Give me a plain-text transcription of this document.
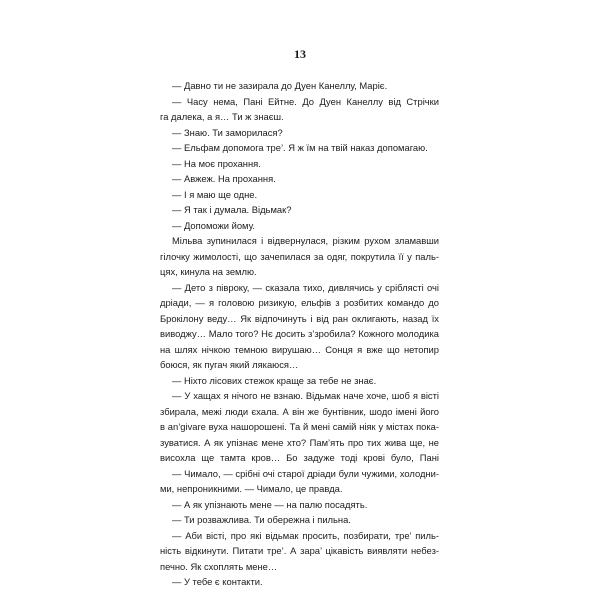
13
— Давно ти не зазирала до Дуен Канеллу, Маріє.
— Часу нема, Пані Ейтне. До Дуен Канеллу від Стрічки
га далека, а я… Ти ж знаєш.
— Знаю. Ти заморилася?
— Ельфам допомога тре’. Я ж їм на твій наказ допомагаю.
— На моє прохання.
— Авжеж. На прохання.
— І я маю ще одне.
— Я так і думала. Відьмак?
— Допоможи йому.
Мільва зупинилася і відвернулася, різким рухом зламавши
гілочку жимолості, що зачепилася за одяг, покрутила її у паль-
цях, кинула на землю.
— Дето з півроку, — сказала тихо, дивлячись у сріблясті очі
дріади, — я головою ризикую, ельфів з розбитих командо до
Брокілону веду… Як відпочинуть і від ран оклигають, назад їх
виводжу… Мало того? Нє досить з’зробила? Кожного молодика
на шлях нічкою темною вирушаю… Сонця я вже що нетопир
боюся, як пугач який лякаюся…
— Ніхто лісових стежок краще за тебе не знає.
— У хащах я нічого не взнаю. Відьмак наче хоче, шоб я вісті
збирала, межі люди єхала. А він же бунтівник, шодо імені його
в an’givare вуха нашорошені. Та й мені самій ніяк у містах пока-
зуватися. А як упізнає мене хто? Пам’ять про тих жива ще, не
висохла ще тамта кров… Бо задуже тоді крові було, Пані
— Чимало, — срібні очі старої дріади були чужими, холодни-
ми, непроникними. — Чимало, це правда.
— А як упізнають мене — на палю посадять.
— Ти розважлива. Ти обережна і пильна.
— Аби вісті, про які відьмак просить, позбирати, тре’ пиль-
ність відкинути. Питати тре’. А зара’ цікавість виявляти небез-
печно. Як схоплять мене…
— У тебе є контакти.
